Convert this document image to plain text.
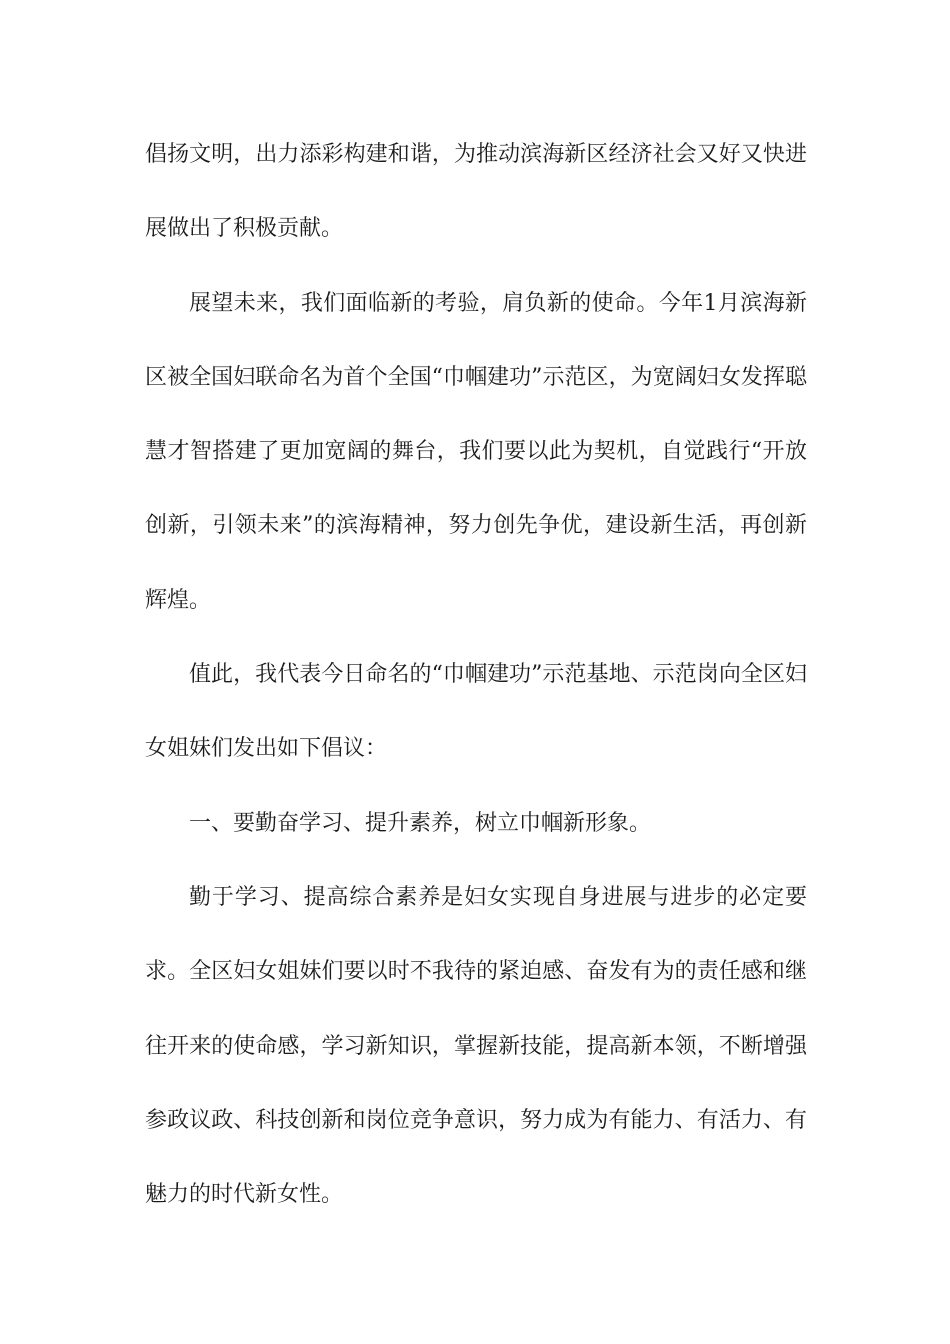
倡扬文明，出力添彩构建和谐，为推动滨海新区经济社会又好又快进展做出了积极贡献。

展望未来，我们面临新的考验，肩负新的使命。今年1月滨海新区被全国妇联命名为首个全国“巾帼建功”示范区，为宽阔妇女发挥聪慧才智搭建了更加宽阔的舞台，我们要以此为契机，自觉践行“开放创新，引领未来”的滨海精神，努力创先争优，建设新生活，再创新辉煌。

值此，我代表今日命名的“巾帼建功”示范基地、示范岗向全区妇女姐妹们发出如下倡议：

一、要勤奋学习、提升素养，树立巾帼新形象。

勤于学习、提高综合素养是妇女实现自身进展与进步的必定要求。全区妇女姐妹们要以时不我待的紧迫感、奋发有为的责任感和继往开来的使命感，学习新知识，掌握新技能，提高新本领，不断增强参政议政、科技创新和岗位竞争意识，努力成为有能力、有活力、有魅力的时代新女性。
